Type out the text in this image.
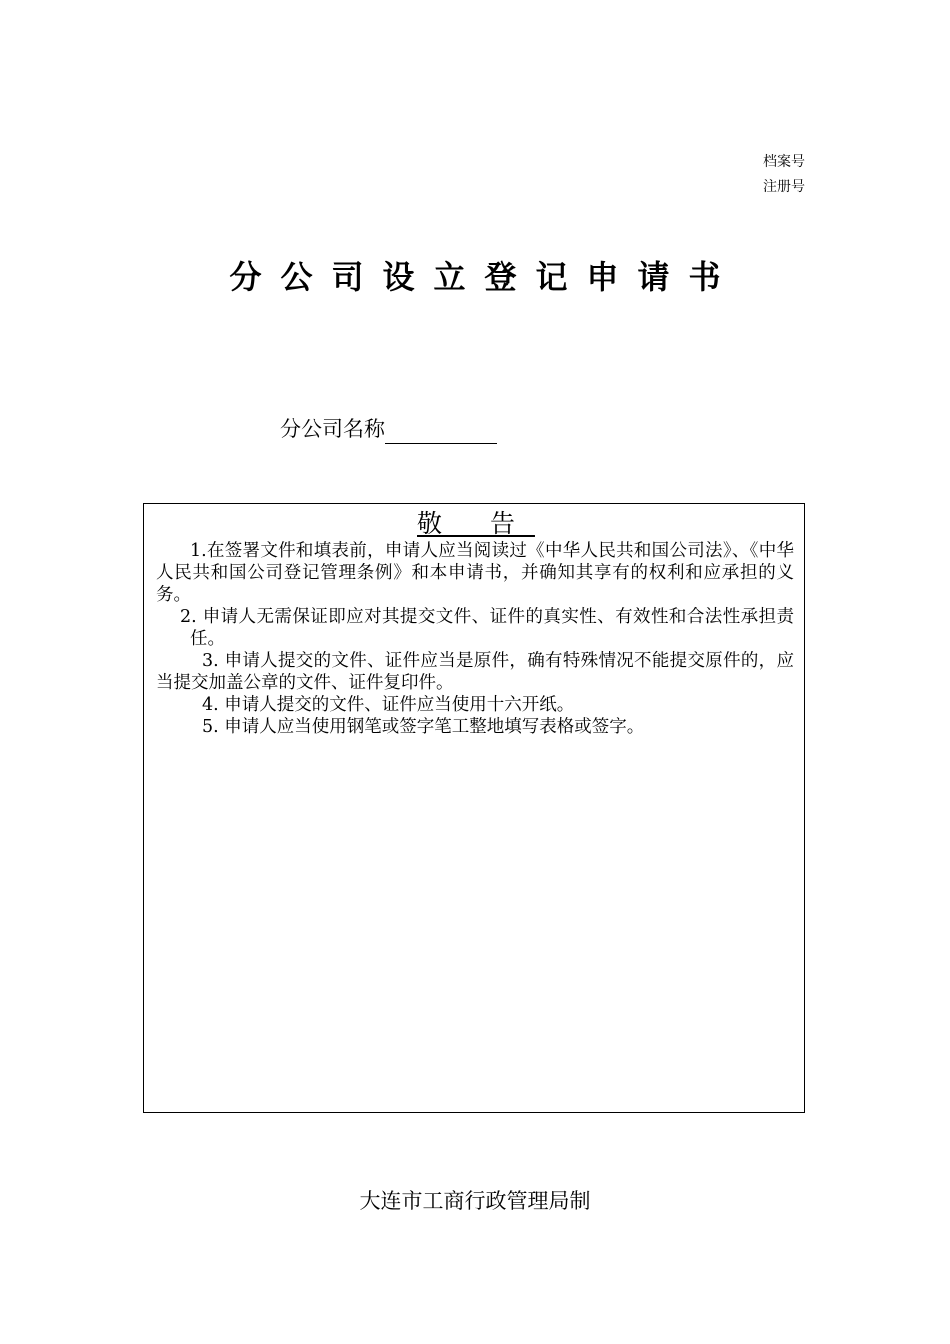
档案号
注册号
分公司设立登记申请书
分公司名称
敬 告

1.在签署文件和填表前，申请人应当阅读过《中华人民共和国公司法》、《中华人民共和国公司登记管理条例》和本申请书，并确知其享有的权利和应承担的义务。

2. 申请人无需保证即应对其提交文件、证件的真实性、有效性和合法性承担责任。

3. 申请人提交的文件、证件应当是原件，确有特殊情况不能提交原件的，应当提交加盖公章的文件、证件复印件。

4. 申请人提交的文件、证件应当使用十六开纸。

5. 申请人应当使用钢笔或签字笔工整地填写表格或签字。

大连市工商行政管理局制
